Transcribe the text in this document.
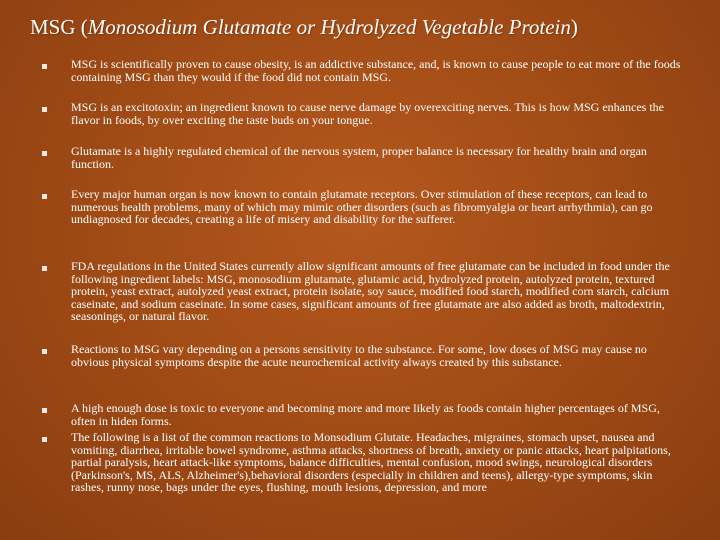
MSG (Monosodium Glutamate or Hydrolyzed Vegetable Protein)
MSG is scientifically proven to cause obesity, is an addictive substance, and, is known to cause people to eat more of the foods containing MSG than they would if the food did not contain MSG.
MSG is an excitotoxin; an ingredient known to cause nerve damage by overexciting nerves. This is how MSG enhances the flavor in foods, by over exciting the taste buds on your tongue.
Glutamate is a highly regulated chemical of the nervous system, proper balance is necessary for healthy brain and organ function.
Every major human organ is now known to contain glutamate receptors. Over stimulation of these receptors, can lead to numerous health problems, many of which may mimic other disorders (such as fibromyalgia or heart arrhythmia), can go undiagnosed for decades, creating a life of misery and disability for the sufferer.
FDA regulations in the United States currently allow significant amounts of free glutamate can be included in food under the following ingredient labels: MSG, monosodium glutamate, glutamic acid, hydrolyzed protein, autolyzed protein, textured protein, yeast extract, autolyzed yeast extract, protein isolate, soy sauce, modified food starch, modified corn starch, calcium caseinate, and sodium caseinate. In some cases, significant amounts of free glutamate are also added as broth, maltodextrin, seasonings, or natural flavor.
Reactions to MSG vary depending on a persons sensitivity to the substance. For some, low doses of MSG may cause no obvious physical symptoms despite the acute neurochemical activity always created by this substance.
A high enough dose is toxic to everyone and becoming more and more likely as foods contain higher percentages of MSG, often in hiden forms.
The following is a list of the common reactions to Monsodium Glutate. Headaches, migraines, stomach upset, nausea and vomiting, diarrhea, irritable bowel syndrome, asthma attacks, shortness of breath, anxiety or panic attacks, heart palpitations, partial paralysis, heart attack-like symptoms, balance difficulties, mental confusion, mood swings, neurological disorders (Parkinson's, MS, ALS, Alzheimer's),behavioral disorders (especially in children and teens), allergy-type symptoms, skin rashes, runny nose, bags under the eyes, flushing, mouth lesions, depression, and more
